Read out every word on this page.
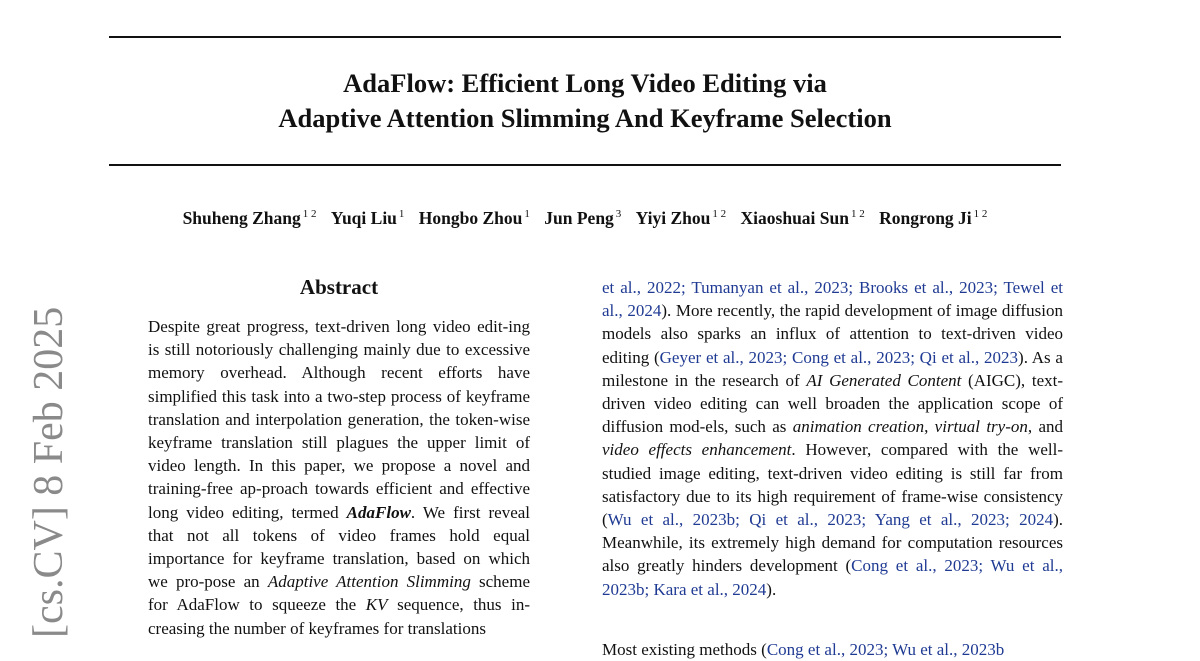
AdaFlow: Efficient Long Video Editing via
Adaptive Attention Slimming And Keyframe Selection
Shuheng Zhang $^{1 2}$ Yuqi Liu $^1$ Hongbo Zhou $^1$ Jun Peng $^3$ Yiyi Zhou $^{1 2}$ Xiaoshuai Sun $^{1 2}$ Rongrong Ji $^{1 2}$
[cs.CV] 8 Feb 2025
Abstract

Despite great progress, text-driven long video edit-ing is still notoriously challenging mainly due to excessive memory overhead. Although recent efforts have simplified this task into a two-step process of keyframe translation and interpolation generation, the token-wise keyframe translation still plagues the upper limit of video length. In this paper, we propose a novel and training-free ap-proach towards efficient and effective long video editing, termed AdaFlow. We first reveal that not all tokens of video frames hold equal importance for keyframe translation, based on which we pro-pose an Adaptive Attention Slimming scheme for AdaFlow to squeeze the KV sequence, thus in-creasing the number of keyframes for translations

et al., 2022; Tumanyan et al., 2023; Brooks et al., 2023; Tewel et al., 2024). More recently, the rapid development of image diffusion models also sparks an influx of attention to text-driven video editing (Geyer et al., 2023; Cong et al., 2023; Qi et al., 2023). As a milestone in the research of AI Generated Content (AIGC), text-driven video editing can well broaden the application scope of diffusion mod-els, such as animation creation, virtual try-on, and video effects enhancement. However, compared with the well-studied image editing, text-driven video editing is still far from satisfactory due to its high requirement of frame-wise consistency (Wu et al., 2023b; Qi et al., 2023; Yang et al., 2023; 2024). Meanwhile, its extremely high demand for computation resources also greatly hinders development (Cong et al., 2023; Wu et al., 2023b; Kara et al., 2024).

Most existing methods (Cong et al., 2023; Wu et al., 2023b
